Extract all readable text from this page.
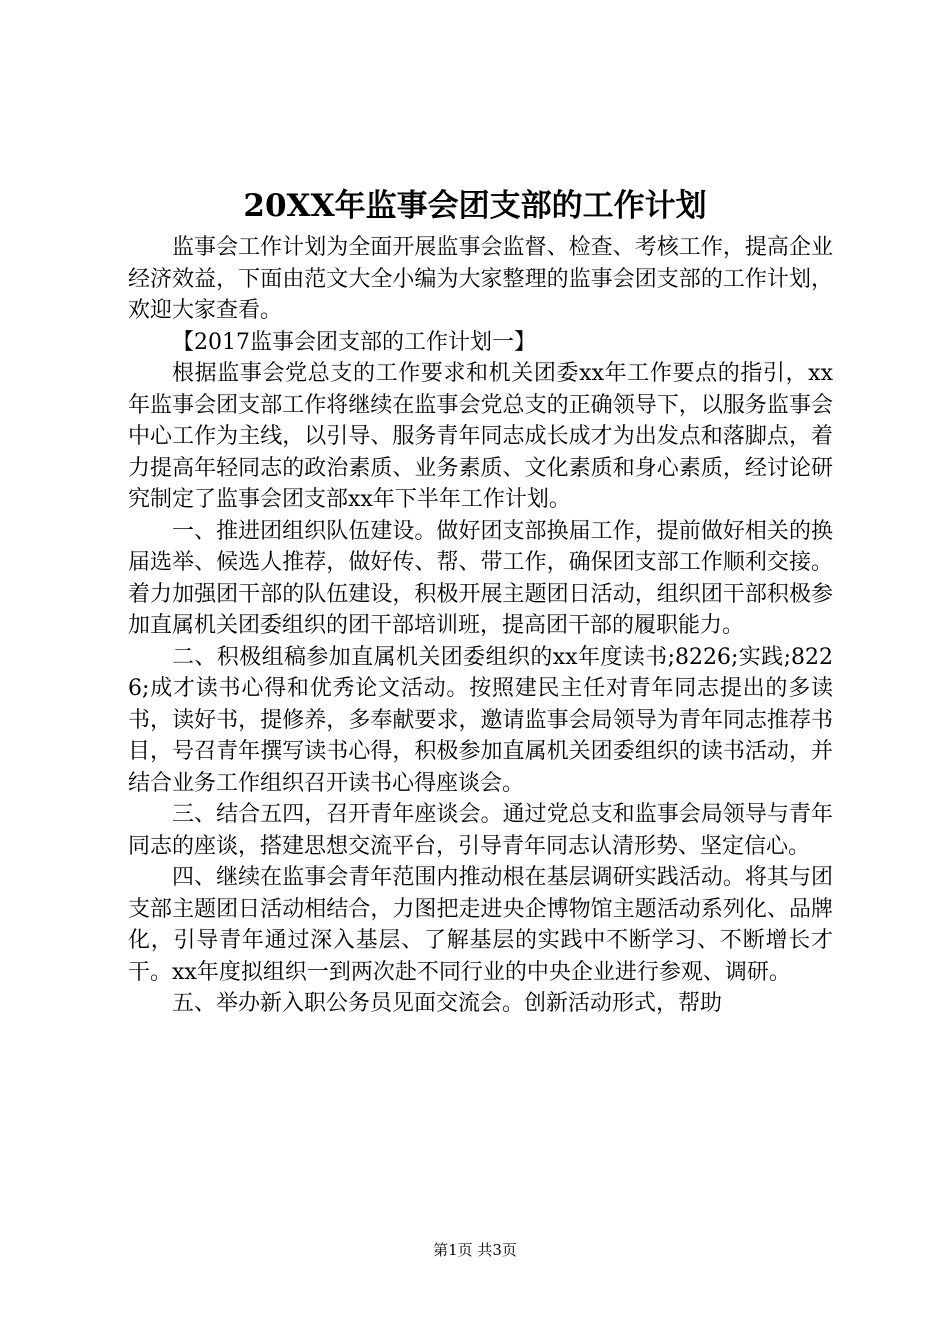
20XX年监事会团支部的工作计划

监事会工作计划为全面开展监事会监督、检查、考核工作，提高企业经济效益，下面由范文大全小编为大家整理的监事会团支部的工作计划，欢迎大家查看。

【2017监事会团支部的工作计划一】

根据监事会党总支的工作要求和机关团委xx年工作要点的指引，xx年监事会团支部工作将继续在监事会党总支的正确领导下，以服务监事会中心工作为主线，以引导、服务青年同志成长成才为出发点和落脚点，着力提高年轻同志的政治素质、业务素质、文化素质和身心素质，经讨论研究制定了监事会团支部xx年下半年工作计划。

一、推进团组织队伍建设。做好团支部换届工作，提前做好相关的换届选举、候选人推荐，做好传、帮、带工作，确保团支部工作顺利交接。着力加强团干部的队伍建设，积极开展主题团日活动，组织团干部积极参加直属机关团委组织的团干部培训班，提高团干部的履职能力。

二、积极组稿参加直属机关团委组织的xx年度读书;8226;实践;8226;成才读书心得和优秀论文活动。按照建民主任对青年同志提出的多读书，读好书，提修养，多奉献要求，邀请监事会局领导为青年同志推荐书目，号召青年撰写读书心得，积极参加直属机关团委组织的读书活动，并结合业务工作组织召开读书心得座谈会。

三、结合五四，召开青年座谈会。通过党总支和监事会局领导与青年同志的座谈，搭建思想交流平台，引导青年同志认清形势、坚定信心。

四、继续在监事会青年范围内推动根在基层调研实践活动。将其与团支部主题团日活动相结合，力图把走进央企博物馆主题活动系列化、品牌化，引导青年通过深入基层、了解基层的实践中不断学习、不断增长才干。xx年度拟组织一到两次赴不同行业的中央企业进行参观、调研。

五、举办新入职公务员见面交流会。创新活动形式，帮助

第1页 共3页
